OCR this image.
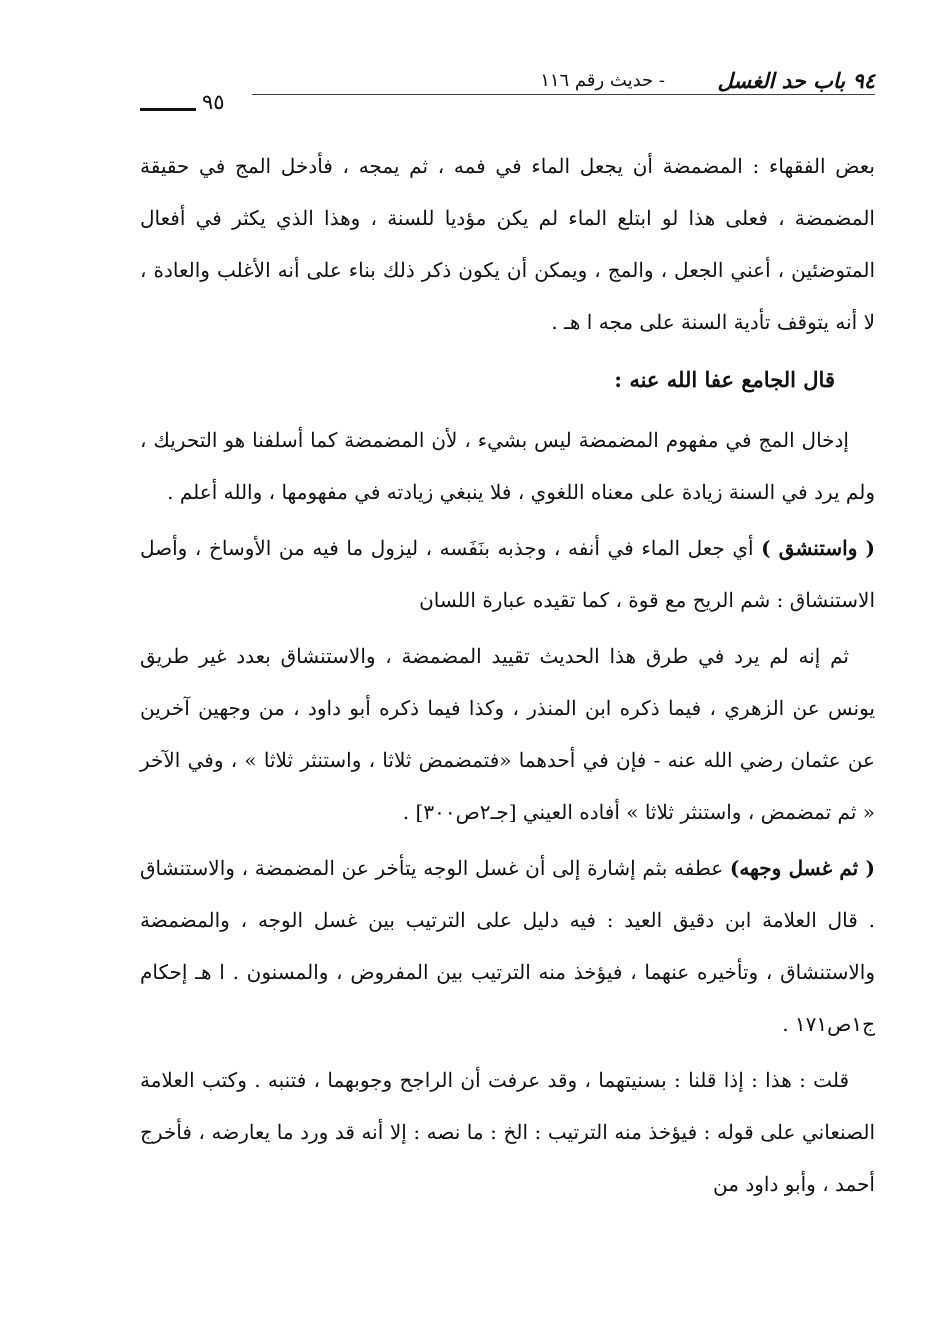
٩٤ باب حد الغسل
- حديث رقم ١١٦
٩٥

بعض الفقهاء : المضمضة أن يجعل الماء في فمه ، ثم يمجه ، فأدخل المج في حقيقة المضمضة ، فعلى هذا لو ابتلع الماء لم يكن مؤديا للسنة ، وهذا الذي يكثر في أفعال المتوضئين ، أعني الجعل ، والمج ، ويمكن أن يكون ذكر ذلك بناء على أنه الأغلب والعادة ، لا أنه يتوقف تأدية السنة على مجه ا هـ .

قال الجامع عفا الله عنه :

إدخال المج في مفهوم المضمضة ليس بشيء ، لأن المضمضة كما أسلفنا هو التحريك ، ولم يرد في السنة زيادة على معناه اللغوي ، فلا ينبغي زيادته في مفهومها ، والله أعلم .

( واستنشق ) أي جعل الماء في أنفه ، وجذبه بنَفَسه ، ليزول ما فيه من الأوساخ ، وأصل الاستنشاق : شم الريح مع قوة ، كما تقيده عبارة اللسان

ثم إنه لم يرد في طرق هذا الحديث تقييد المضمضة ، والاستنشاق بعدد غير طريق يونس عن الزهري ، فيما ذكره ابن المنذر ، وكذا فيما ذكره أبو داود ، من وجهين آخرين عن عثمان رضي الله عنه - فإن في أحدهما «فتمضمض ثلاثا ، واستنثر ثلاثا » ، وفي الآخر « ثم تمضمض ، واستنثر ثلاثا » أفاده العيني [جـ٢ص٣٠٠] .

( ثم غسل وجهه) عطفه بثم إشارة إلى أن غسل الوجه يتأخر عن المضمضة ، والاستنشاق . قال العلامة ابن دقيق العيد : فيه دليل على الترتيب بين غسل الوجه ، والمضمضة والاستنشاق ، وتأخيره عنهما ، فيؤخذ منه الترتيب بين المفروض ، والمسنون . ا هـ إحكام ج١ص١٧١ .

قلت : هذا : إذا قلنا : بسنيتهما ، وقد عرفت أن الراجح وجوبهما ، فتنبه . وكتب العلامة الصنعاني على قوله : فيؤخذ منه الترتيب : الخ : ما نصه : إلا أنه قد ورد ما يعارضه ، فأخرج أحمد ، وأبو داود من
